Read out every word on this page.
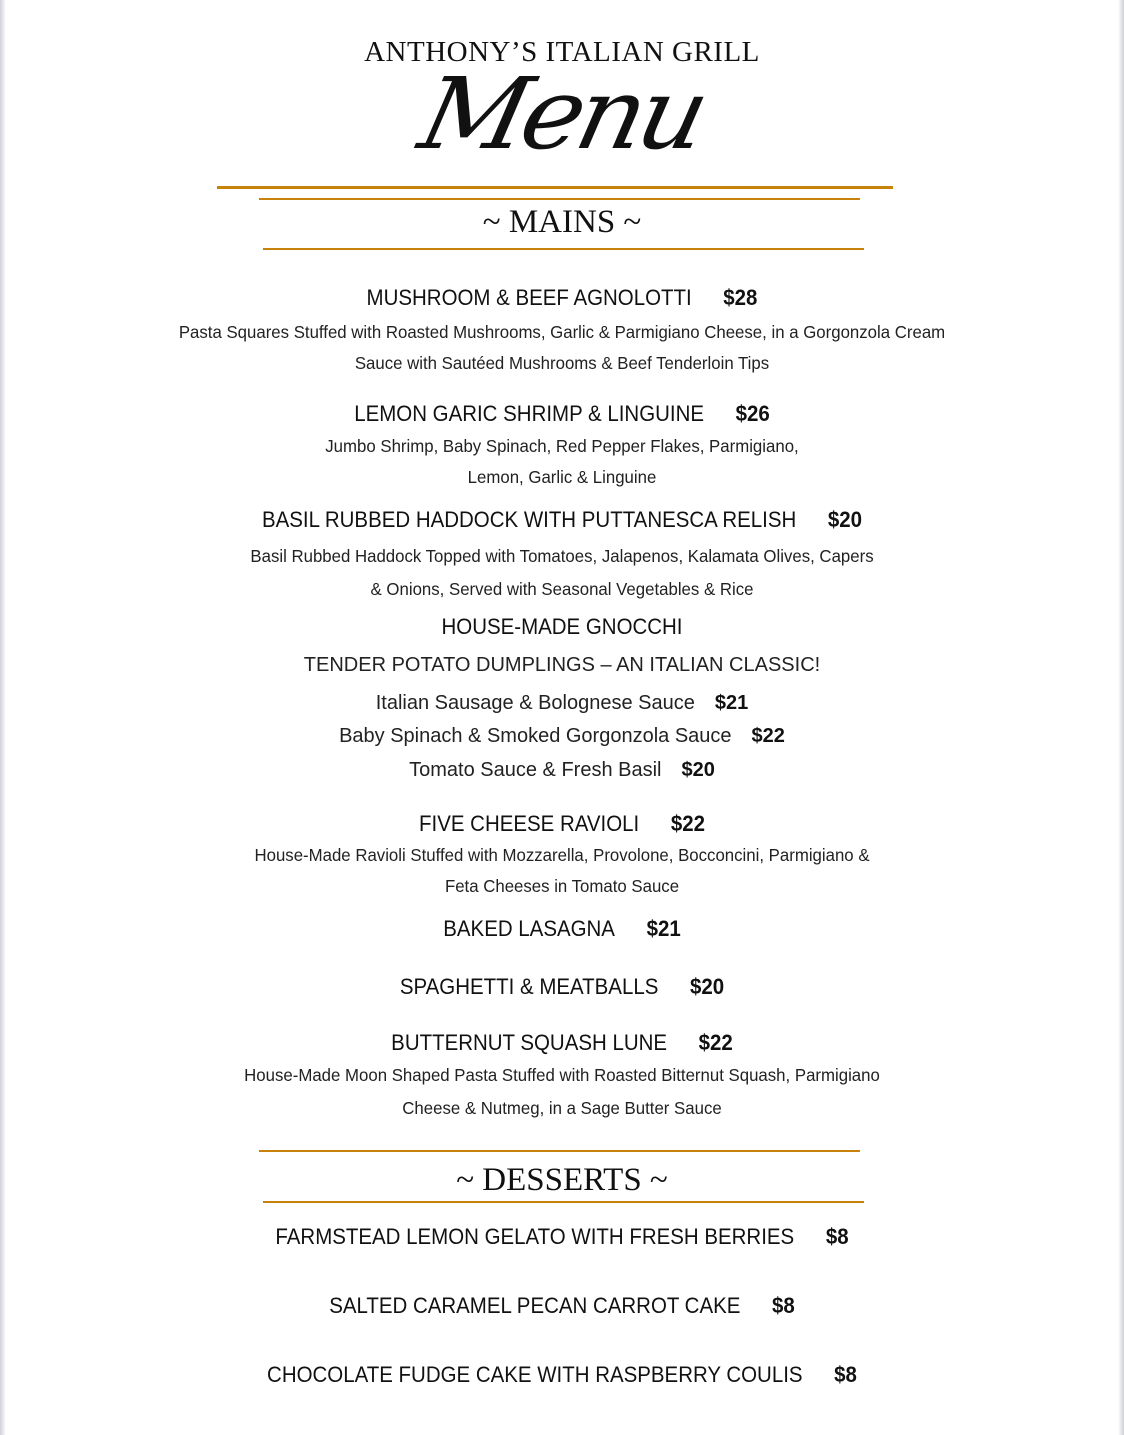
ANTHONY’S ITALIAN GRILL
Menu
~ MAINS ~
MUSHROOM & BEEF AGNOLOTTI $28
Pasta Squares Stuffed with Roasted Mushrooms, Garlic & Parmigiano Cheese, in a Gorgonzola Cream
Sauce with Sautéed Mushrooms & Beef Tenderloin Tips
LEMON GARIC SHRIMP & LINGUINE $26
Jumbo Shrimp, Baby Spinach, Red Pepper Flakes, Parmigiano,
Lemon, Garlic & Linguine
BASIL RUBBED HADDOCK WITH PUTTANESCA RELISH $20
Basil Rubbed Haddock Topped with Tomatoes, Jalapenos, Kalamata Olives, Capers
& Onions, Served with Seasonal Vegetables & Rice
HOUSE-MADE GNOCCHI
TENDER POTATO DUMPLINGS – AN ITALIAN CLASSIC!
Italian Sausage & Bolognese Sauce $21
Baby Spinach & Smoked Gorgonzola Sauce $22
Tomato Sauce & Fresh Basil $20
FIVE CHEESE RAVIOLI $22
House-Made Ravioli Stuffed with Mozzarella, Provolone, Bocconcini, Parmigiano &
Feta Cheeses in Tomato Sauce
BAKED LASAGNA $21
SPAGHETTI & MEATBALLS $20
BUTTERNUT SQUASH LUNE $22
House-Made Moon Shaped Pasta Stuffed with Roasted Bitternut Squash, Parmigiano
Cheese & Nutmeg, in a Sage Butter Sauce
~ DESSERTS ~
FARMSTEAD LEMON GELATO WITH FRESH BERRIES $8
SALTED CARAMEL PECAN CARROT CAKE $8
CHOCOLATE FUDGE CAKE WITH RASPBERRY COULIS $8
